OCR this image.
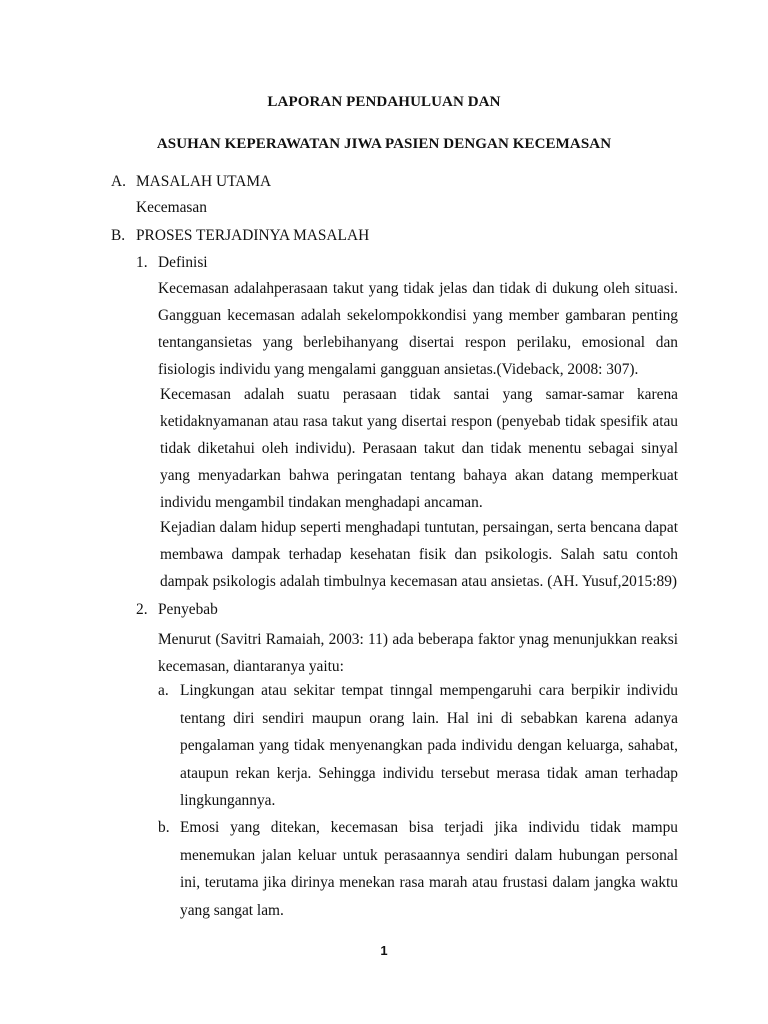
LAPORAN PENDAHULUAN DAN
ASUHAN KEPERAWATAN JIWA PASIEN DENGAN KECEMASAN
A. MASALAH UTAMA
Kecemasan
B. PROSES TERJADINYA MASALAH
1. Definisi
Kecemasan adalahperasaan takut yang tidak jelas dan tidak di dukung oleh situasi. Gangguan kecemasan adalah sekelompokkondisi yang member gambaran penting tentangansietas yang berlebihanyang disertai respon perilaku, emosional dan fisiologis individu yang mengalami gangguan ansietas.(Videback, 2008: 307).
Kecemasan adalah suatu perasaan tidak santai yang samar-samar karena ketidaknyamanan atau rasa takut yang disertai respon (penyebab tidak spesifik atau tidak diketahui oleh individu). Perasaan takut dan tidak menentu sebagai sinyal yang menyadarkan bahwa peringatan tentang bahaya akan datang memperkuat individu mengambil tindakan menghadapi ancaman.
Kejadian dalam hidup seperti menghadapi tuntutan, persaingan, serta bencana dapat membawa dampak terhadap kesehatan fisik dan psikologis. Salah satu contoh dampak psikologis adalah timbulnya kecemasan atau ansietas. (AH. Yusuf,2015:89)
2. Penyebab
Menurut (Savitri Ramaiah, 2003: 11) ada beberapa faktor ynag menunjukkan reaksi kecemasan, diantaranya yaitu:
a. Lingkungan atau sekitar tempat tinngal mempengaruhi cara berpikir individu tentang diri sendiri maupun orang lain. Hal ini di sebabkan karena adanya pengalaman yang tidak menyenangkan pada individu dengan keluarga, sahabat, ataupun rekan kerja. Sehingga individu tersebut merasa tidak aman terhadap lingkungannya.
b. Emosi yang ditekan, kecemasan bisa terjadi jika individu tidak mampu menemukan jalan keluar untuk perasaannya sendiri dalam hubungan personal ini, terutama jika dirinya menekan rasa marah atau frustasi dalam jangka waktu yang sangat lam.
1
